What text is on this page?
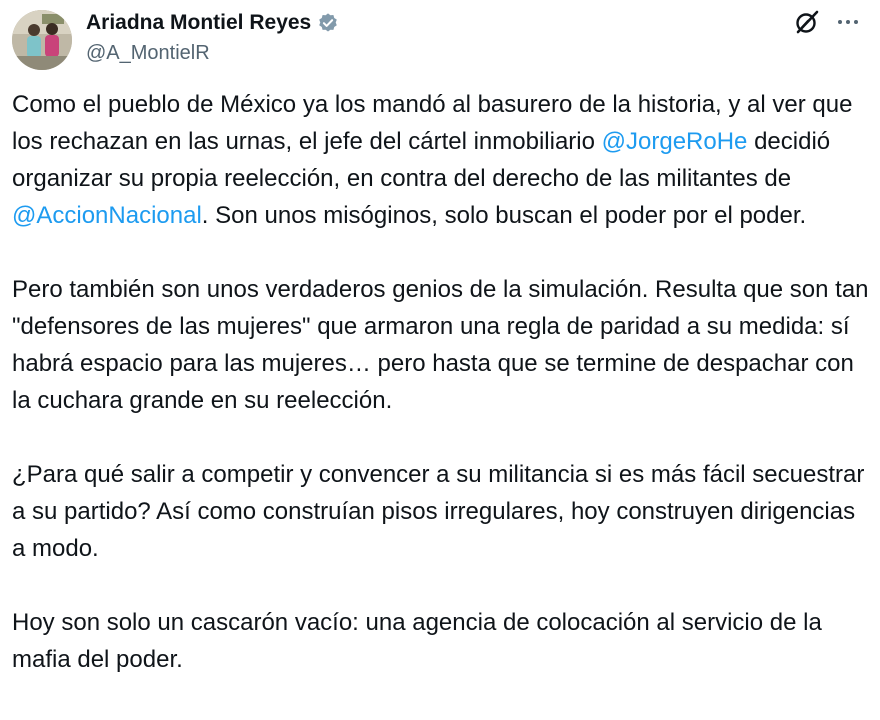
Ariadna Montiel Reyes
@A_MontielR

Como el pueblo de México ya los mandó al basurero de la historia, y al ver que los rechazan en las urnas, el jefe del cártel inmobiliario @JorgeRoHe decidió organizar su propia reelección, en contra del derecho de las militantes de @AccionNacional. Son unos misóginos, solo buscan el poder por el poder.

Pero también son unos verdaderos genios de la simulación. Resulta que son tan "defensores de las mujeres" que armaron una regla de paridad a su medida: sí habrá espacio para las mujeres… pero hasta que se termine de despachar con la cuchara grande en su reelección.

¿Para qué salir a competir y convencer a su militancia si es más fácil secuestrar a su partido? Así como construían pisos irregulares, hoy construyen dirigencias a modo.

Hoy son solo un cascarón vacío: una agencia de colocación al servicio de la mafia del poder.
